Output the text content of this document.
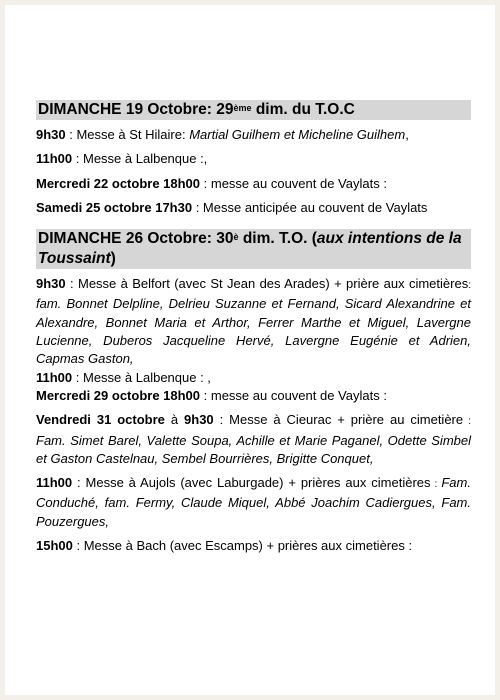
DIMANCHE 19 Octobre: 29ème dim. du T.O.C

9h30 : Messe à St Hilaire: Martial Guilhem et Micheline Guilhem,

11h00 : Messe à Lalbenque :,

Mercredi 22 octobre 18h00 : messe au couvent de Vaylats :

Samedi 25 octobre 17h30 : Messe anticipée au couvent de Vaylats

DIMANCHE 26 Octobre: $30^è$ dim. T.O. (aux intentions de la Toussaint)

9h30 : Messe à Belfort (avec St Jean des Arades) + prière aux cimetières: fam. Bonnet Delpline, Delrieu Suzanne et Fernand, Sicard Alexandrine et Alexandre, Bonnet Maria et Arthor, Ferrer Marthe et Miguel, Lavergne Lucienne, Duberos Jacqueline Hervé, Lavergne Eugénie et Adrien, Capmas Gaston,

11h00 : Messe à Lalbenque : ,

Mercredi 29 octobre 18h00 : messe au couvent de Vaylats :

Vendredi 31 octobre à 9h30 : Messe à Cieurac + prière au cimetière : Fam. Simet Barel, Valette Soupa, Achille et Marie Paganel, Odette Simbel et Gaston Castelnau, Sembel Bourrières, Brigitte Conquet,

11h00 : Messe à Aujols (avec Laburgade) + prières aux cimetières : Fam. Conduché, fam. Fermy, Claude Miquel, Abbé Joachim Cadiergues, Fam. Pouzergues,

15h00 : Messe à Bach (avec Escamps) + prières aux cimetières :
